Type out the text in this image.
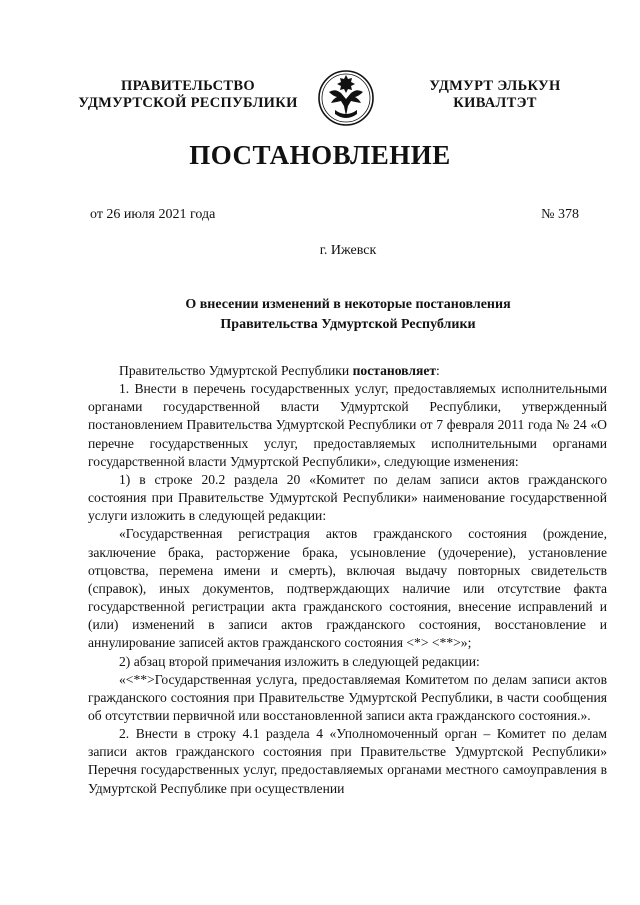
ПРАВИТЕЛЬСТВО
УДМУРТСКОЙ РЕСПУБЛИКИ
УДМУРТ ЭЛЬКУН
КИВАЛТЭТ
ПОСТАНОВЛЕНИЕ
от 26 июля 2021 года	№ 378
г. Ижевск
О внесении изменений в некоторые постановления
Правительства Удмуртской Республики

Правительство Удмуртской Республики постановляет:

1. Внести в перечень государственных услуг, предоставляемых исполнительными органами государственной власти Удмуртской Республики, утвержденный постановлением Правительства Удмуртской Республики от 7 февраля 2011 года № 24 «О перечне государственных услуг, предоставляемых исполнительными органами государственной власти Удмуртской Республики», следующие изменения:

1) в строке 20.2 раздела 20 «Комитет по делам записи актов гражданского состояния при Правительстве Удмуртской Республики» наименование государственной услуги изложить в следующей редакции:

«Государственная регистрация актов гражданского состояния (рождение, заключение брака, расторжение брака, усыновление (удочерение), установление отцовства, перемена имени и смерть), включая выдачу повторных свидетельств (справок), иных документов, подтверждающих наличие или отсутствие факта государственной регистрации акта гражданского состояния, внесение исправлений и (или) изменений в записи актов гражданского состояния, восстановление и аннулирование записей актов гражданского состояния <*> <**>»;

2) абзац второй примечания изложить в следующей редакции:

«<**>Государственная услуга, предоставляемая Комитетом по делам записи актов гражданского состояния при Правительстве Удмуртской Республики, в части сообщения об отсутствии первичной или восстановленной записи акта гражданского состояния.».

2. Внести в строку 4.1 раздела 4 «Уполномоченный орган – Комитет по делам записи актов гражданского состояния при Правительстве Удмуртской Республики» Перечня государственных услуг, предоставляемых органами местного самоуправления в Удмуртской Республике при осуществлении
